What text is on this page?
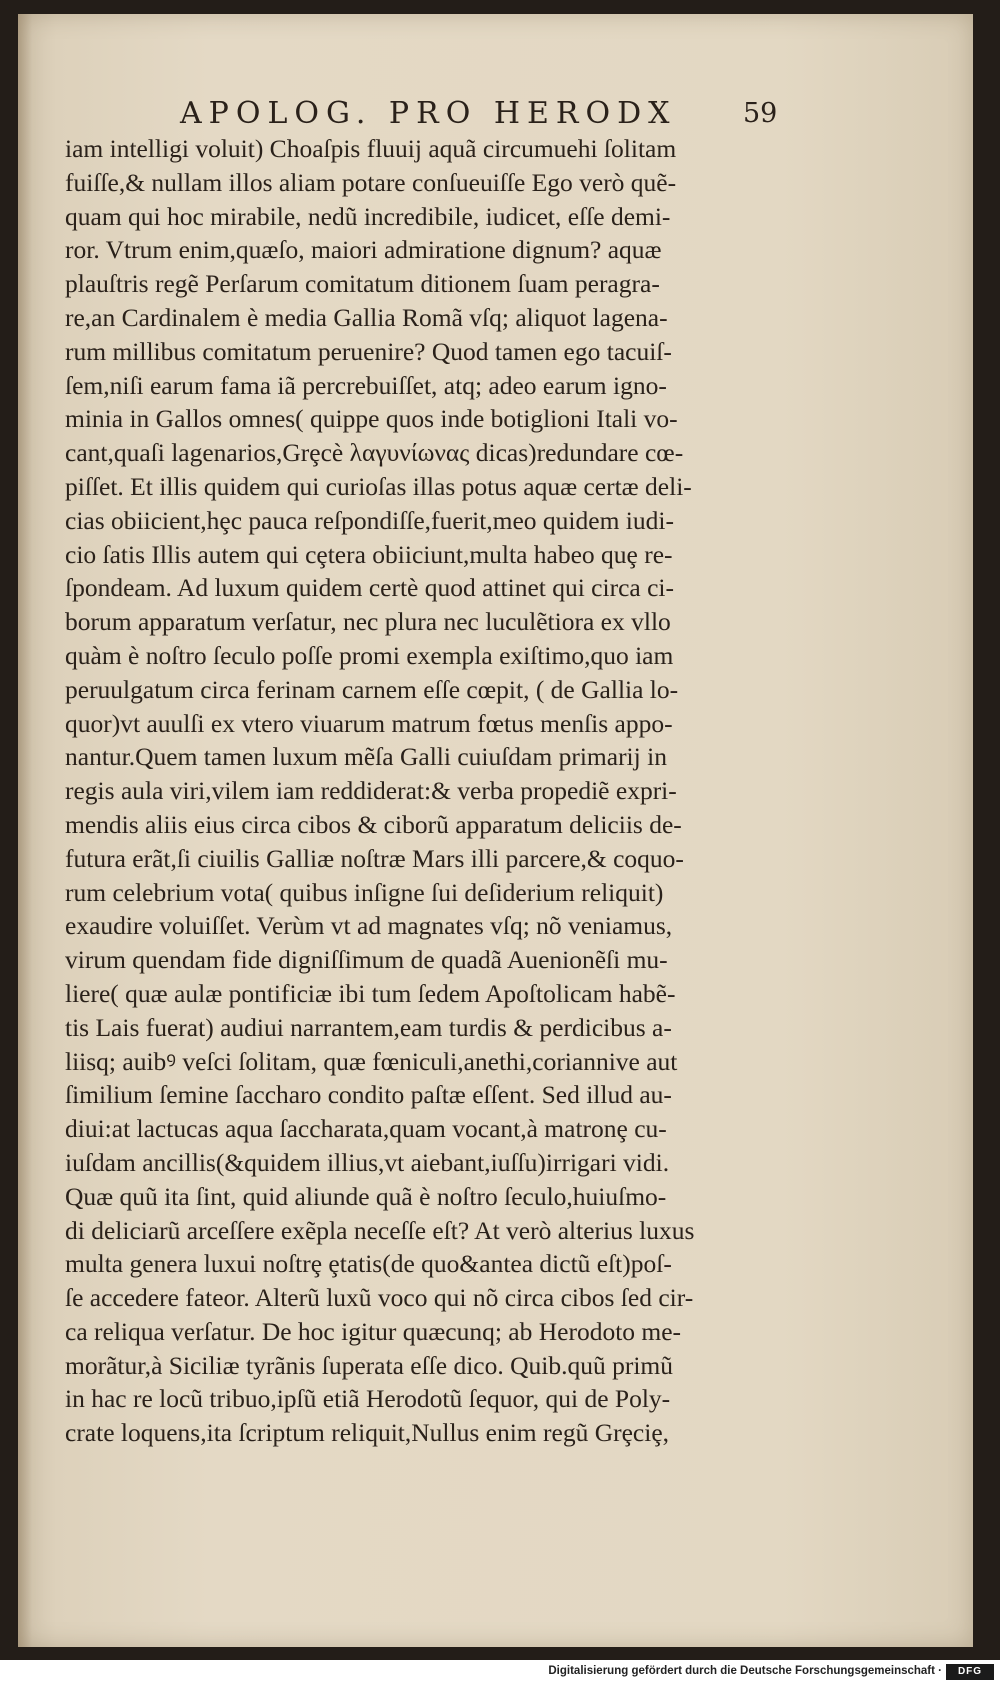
APOLOG. PRO HERODX 59
iam intelligi voluit) Choaſpis fluuij aquã circumuehi ſolitam
fuiſſe,& nullam illos aliam potare conſueuiſſe Ego verò quẽ-
quam qui hoc mirabile, nedũ incredibile, iudicet, eſſe demi-
ror. Vtrum enim,quæſo, maiori admiratione dignum? aquæ
plauſtris regẽ Perſarum comitatum ditionem ſuam peragra-
re,an Cardinalem è media Gallia Romã vſq; aliquot lagena-
rum millibus comitatum peruenire? Quod tamen ego tacuiſ-
ſem,niſi earum fama iã percrebuiſſet, atq; adeo earum igno-
minia in Gallos omnes( quippe quos inde botiglioni Itali vo-
cant,quaſi lagenarios,Grȩcè λαγυνίωνας dicas)redundare cœ-
piſſet. Et illis quidem qui curioſas illas potus aquæ certæ deli-
cias obiicient,hȩc pauca reſpondiſſe,fuerit,meo quidem iudi-
cio ſatis Illis autem qui cȩtera obiiciunt,multa habeo quȩ re-
ſpondeam. Ad luxum quidem certè quod attinet qui circa ci-
borum apparatum verſatur, nec plura nec luculẽtiora ex vllo
quàm è noſtro ſeculo poſſe promi exempla exiſtimo,quo iam
peruulgatum circa ferinam carnem eſſe cœpit, ( de Gallia lo-
quor)vt auulſi ex vtero viuarum matrum fœtus menſis appo-
nantur.Quem tamen luxum mẽſa Galli cuiuſdam primarij in
regis aula viri,vilem iam reddiderat:& verba propediẽ expri-
mendis aliis eius circa cibos & ciborũ apparatum deliciis de-
futura erãt,ſi ciuilis Galliæ noſtræ Mars illi parcere,& coquo-
rum celebrium vota( quibus inſigne ſui deſiderium reliquit)
exaudire voluiſſet. Verùm vt ad magnates vſq; nõ veniamus,
virum quendam fide digniſſimum de quadã Auenionẽſi mu-
liere( quæ aulæ pontificiæ ibi tum ſedem Apoſtolicam habẽ-
tis Lais fuerat) audiui narrantem,eam turdis & perdicibus a-
liisq; auibꝰ veſci ſolitam, quæ fœniculi,anethi,coriannive aut
ſimilium ſemine ſaccharo condito paſtæ eſſent. Sed illud au-
diui:at lactucas aqua ſaccharata,quam vocant,à matronȩ cu-
iuſdam ancillis(&quidem illius,vt aiebant,iuſſu)irrigari vidi.
Quæ quũ ita ſint, quid aliunde quã è noſtro ſeculo,huiuſmo-
di deliciarũ arceſſere exẽpla neceſſe eſt? At verò alterius luxus
multa genera luxui noſtrȩ ȩtatis(de quo&antea dictũ eſt)poſ-
ſe accedere fateor. Alterũ luxũ voco qui nõ circa cibos ſed cir-
ca reliqua verſatur. De hoc igitur quæcunq; ab Herodoto me-
morãtur,à Siciliæ tyrãnis ſuperata eſſe dico. Quib.quũ primũ
in hac re locũ tribuo,ipſũ etiã Herodotũ ſequor, qui de Poly-
crate loquens,ita ſcriptum reliquit,Nullus enim regũ Grȩciȩ,
Digitalisierung gefördert durch die Deutsche Forschungsgemeinschaft ·	DFG
